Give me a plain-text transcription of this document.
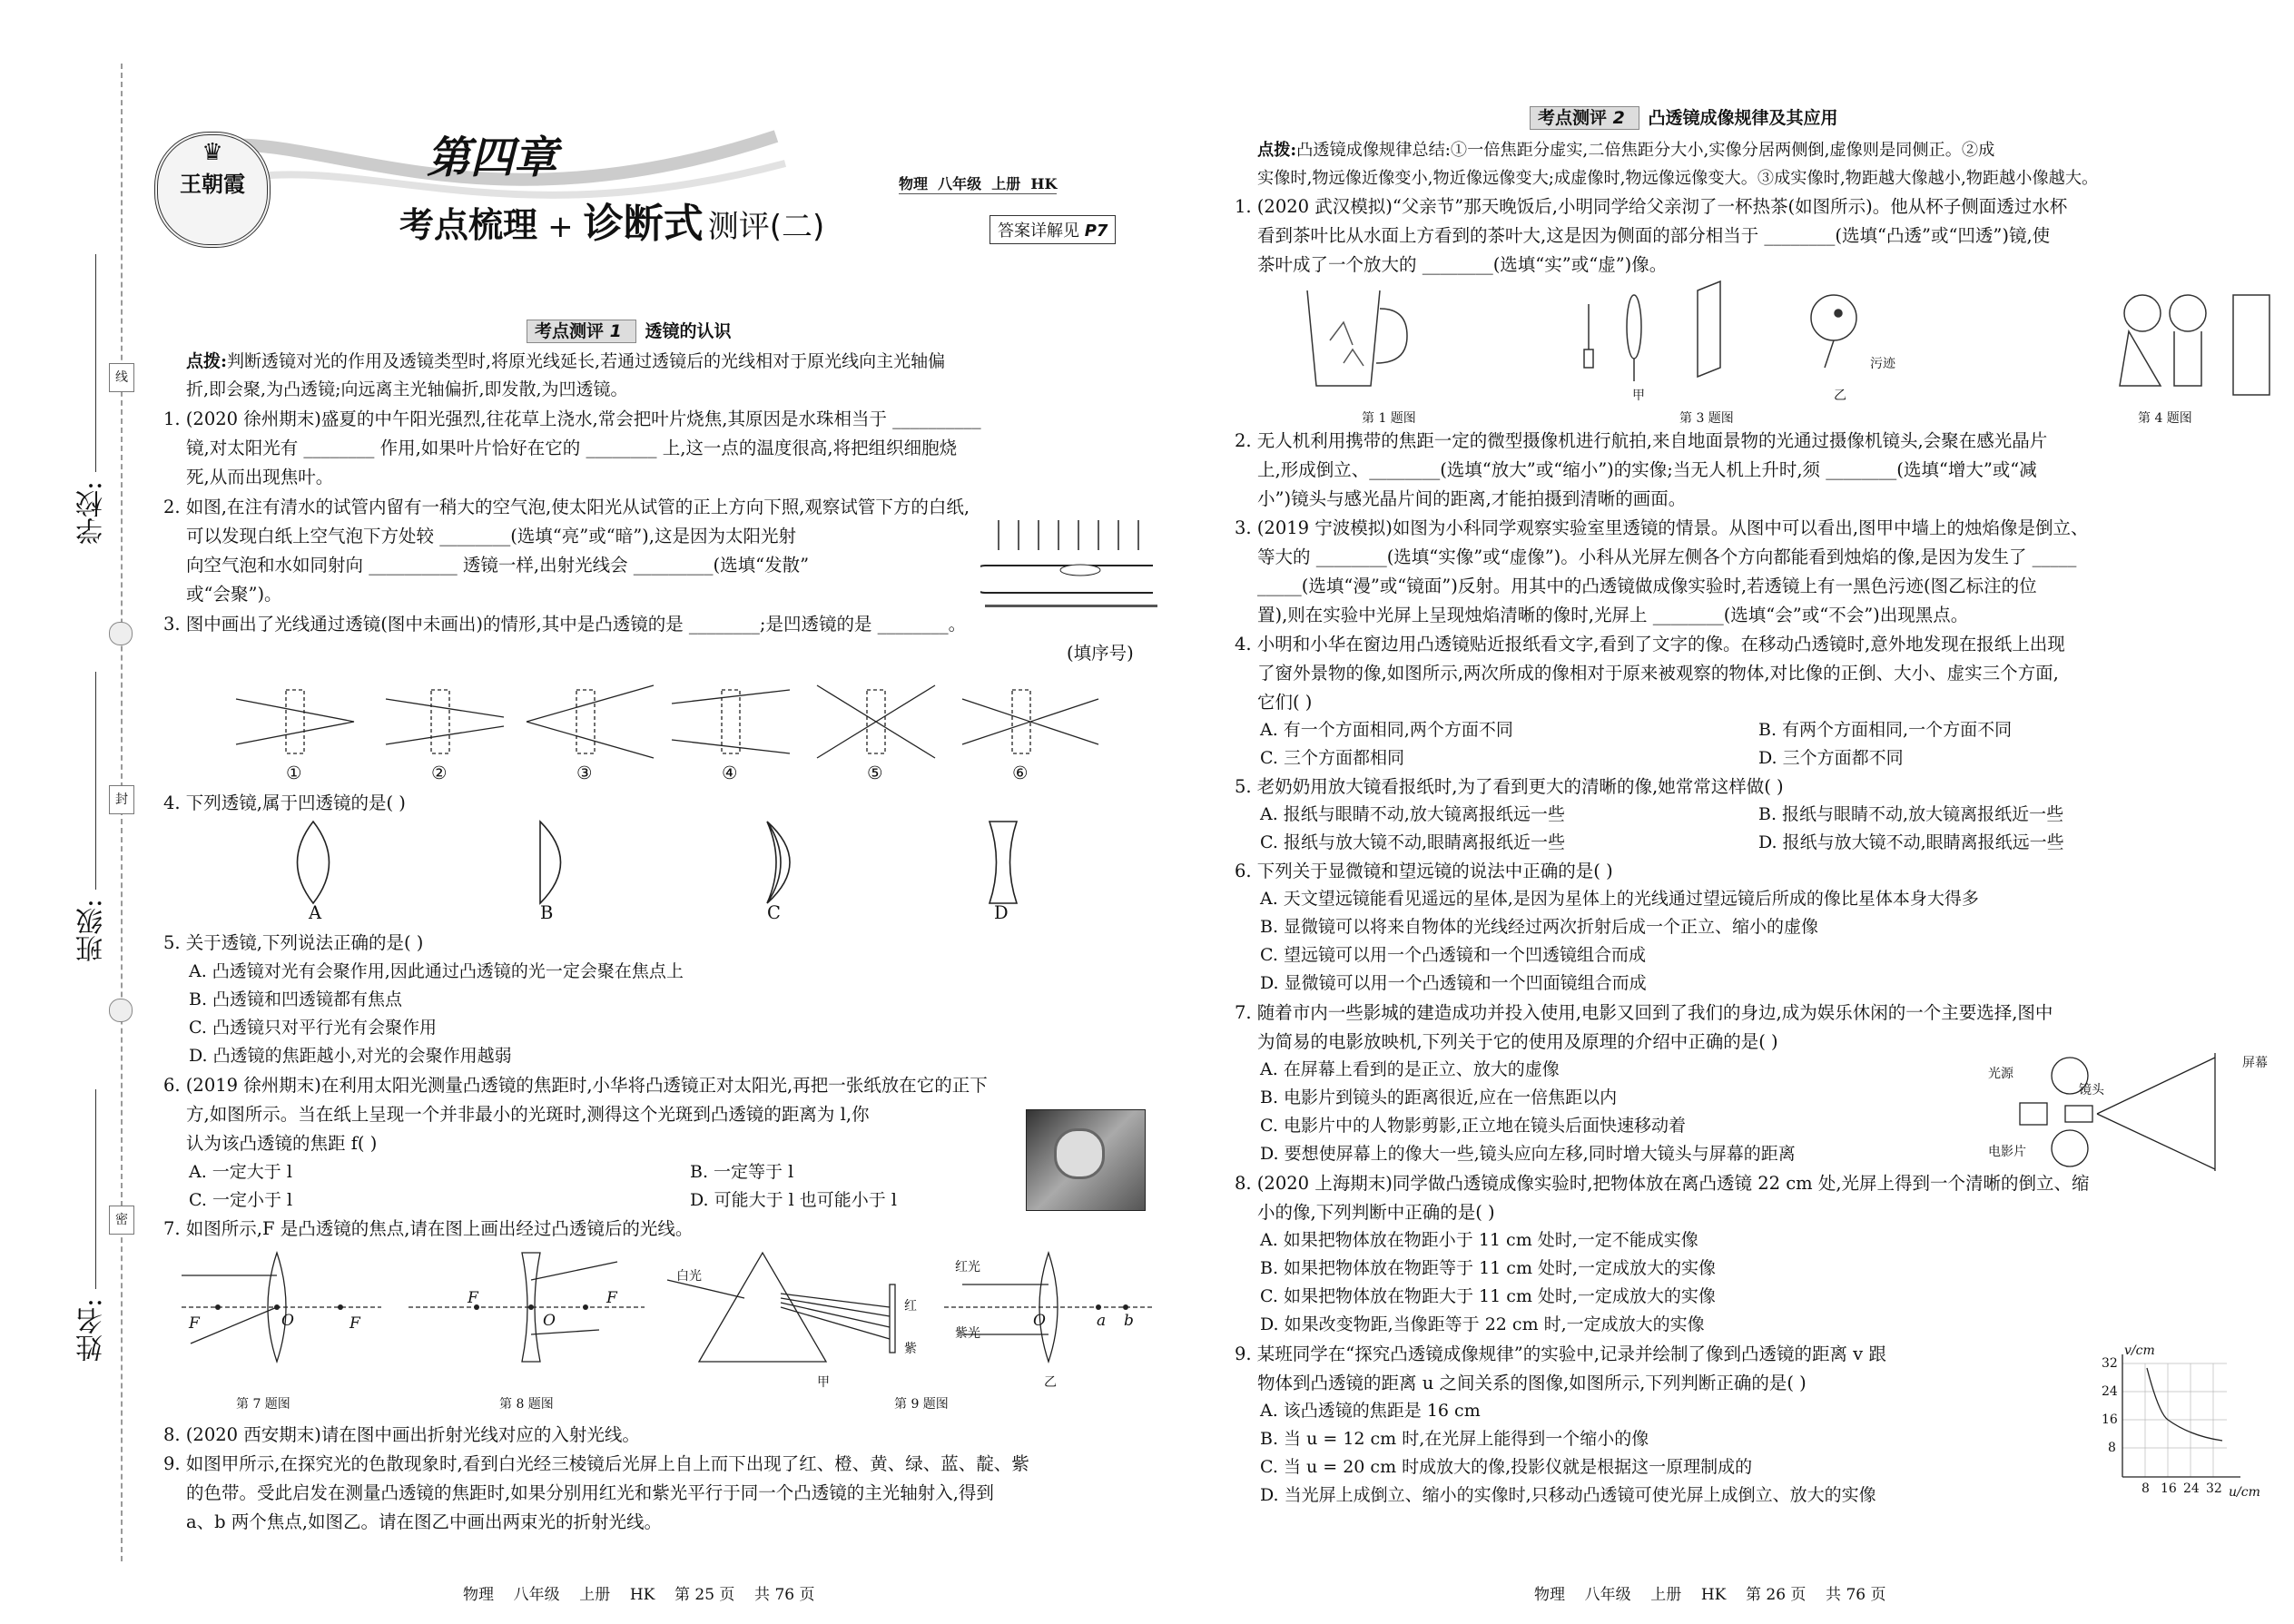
线
封
密
学校:
班级:
姓名:
♛
王朝霞
第四章
考点梳理 + 诊断式 测评(二)
物理  八年级  上册  HK
答案详解见 P7
考点测评 1 透镜的认识
点拨:判断透镜对光的作用及透镜类型时,将原光线延长,若通过透镜后的光线相对于原光线向主光轴偏
折,即会聚,为凸透镜;向远离主光轴偏折,即发散,为凹透镜。
1. (2020 徐州期末)盛夏的中午阳光强烈,往花草上浇水,常会把叶片烧焦,其原因是水珠相当于 __________
镜,对太阳光有 ________ 作用,如果叶片恰好在它的 ________ 上,这一点的温度很高,将把组织细胞烧
死,从而出现焦叶。
2. 如图,在注有清水的试管内留有一稍大的空气泡,使太阳光从试管的正上方向下照,观察试管下方的白纸,
可以发现白纸上空气泡下方处较 ________(选填“亮”或“暗”),这是因为太阳光射
向空气泡和水如同射向 __________ 透镜一样,出射光线会 _________(选填“发散”
或“会聚”)。
3. 图中画出了光线通过透镜(图中未画出)的情形,其中是凸透镜的是 ________;是凹透镜的是 ________。
(填序号)
①	②	③	④	⑤	⑥
4. 下列透镜,属于凹透镜的是( )
A	B	C	D
5. 关于透镜,下列说法正确的是( )
A. 凸透镜对光有会聚作用,因此通过凸透镜的光一定会聚在焦点上
B. 凸透镜和凹透镜都有焦点
C. 凸透镜只对平行光有会聚作用
D. 凸透镜的焦距越小,对光的会聚作用越弱
6. (2019 徐州期末)在利用太阳光测量凸透镜的焦距时,小华将凸透镜正对太阳光,再把一张纸放在它的正下
方,如图所示。当在纸上呈现一个并非最小的光斑时,测得这个光斑到凸透镜的距离为 l,你
认为该凸透镜的焦距 f( )
A. 一定大于 l	B. 一定等于 l
C. 一定小于 l	D. 可能大于 l 也可能小于 l
7. 如图所示,F 是凸透镜的焦点,请在图上画出经过凸透镜后的光线。
F	O	F
F
O
F
白光
红
紫
甲
红光
紫光
O	a b
乙
第 7 题图	第 8 题图	第 9 题图
8. (2020 西安期末)请在图中画出折射光线对应的入射光线。
9. 如图甲所示,在探究光的色散现象时,看到白光经三棱镜后光屏上自上而下出现了红、橙、黄、绿、蓝、靛、紫
的色带。受此启发在测量凸透镜的焦距时,如果分别用红光和紫光平行于同一个凸透镜的主光轴射入,得到
a、b 两个焦点,如图乙。请在图乙中画出两束光的折射光线。
物理    八年级    上册    HK    第 25 页    共 76 页
考点测评 2 凸透镜成像规律及其应用
点拨:凸透镜成像规律总结:①一倍焦距分虚实,二倍焦距分大小,实像分居两侧倒,虚像则是同侧正。②成
实像时,物远像近像变小,物近像远像变大;成虚像时,物远像远像变大。③成实像时,物距越大像越小,物距越小像越大。
1. (2020 武汉模拟)“父亲节”那天晚饭后,小明同学给父亲沏了一杯热茶(如图所示)。他从杯子侧面透过水杯
看到茶叶比从水面上方看到的茶叶大,这是因为侧面的部分相当于 ________(选填“凸透”或“凹透”)镜,使
茶叶成了一个放大的 ________(选填“实”或“虚”)像。
甲	乙
污迹
第 1 题图	第 3 题图	第 4 题图
2. 无人机利用携带的焦距一定的微型摄像机进行航拍,来自地面景物的光通过摄像机镜头,会聚在感光晶片
上,形成倒立、________(选填“放大”或“缩小”)的实像;当无人机上升时,须 ________(选填“增大”或“减
小”)镜头与感光晶片间的距离,才能拍摄到清晰的画面。
3. (2019 宁波模拟)如图为小科同学观察实验室里透镜的情景。从图中可以看出,图甲中墙上的烛焰像是倒立、
等大的 ________(选填“实像”或“虚像”)。小科从光屏左侧各个方向都能看到烛焰的像,是因为发生了 _____
_____(选填“漫”或“镜面”)反射。用其中的凸透镜做成像实验时,若透镜上有一黑色污迹(图乙标注的位
置),则在实验中光屏上呈现烛焰清晰的像时,光屏上 ________(选填“会”或“不会”)出现黑点。
4. 小明和小华在窗边用凸透镜贴近报纸看文字,看到了文字的像。在移动凸透镜时,意外地发现在报纸上出现
了窗外景物的像,如图所示,两次所成的像相对于原来被观察的物体,对比像的正倒、大小、虚实三个方面,
它们( )
A. 有一个方面相同,两个方面不同	B. 有两个方面相同,一个方面不同
C. 三个方面都相同	D. 三个方面都不同
5. 老奶奶用放大镜看报纸时,为了看到更大的清晰的像,她常常这样做( )
A. 报纸与眼睛不动,放大镜离报纸远一些	B. 报纸与眼睛不动,放大镜离报纸近一些
C. 报纸与放大镜不动,眼睛离报纸近一些	D. 报纸与放大镜不动,眼睛离报纸远一些
6. 下列关于显微镜和望远镜的说法中正确的是( )
A. 天文望远镜能看见遥远的星体,是因为星体上的光线通过望远镜后所成的像比星体本身大得多
B. 显微镜可以将来自物体的光线经过两次折射后成一个正立、缩小的虚像
C. 望远镜可以用一个凸透镜和一个凹透镜组合而成
D. 显微镜可以用一个凸透镜和一个凹面镜组合而成
7. 随着市内一些影城的建造成功并投入使用,电影又回到了我们的身边,成为娱乐休闲的一个主要选择,图中
为简易的电影放映机,下列关于它的使用及原理的介绍中正确的是( )
A. 在屏幕上看到的是正立、放大的虚像
B. 电影片到镜头的距离很近,应在一倍焦距以内
C. 电影片中的人物影剪影,正立地在镜头后面快速移动着
D. 要想使屏幕上的像大一些,镜头应向左移,同时增大镜头与屏幕的距离
屏幕
光源
镜头
电影片
8. (2020 上海期末)同学做凸透镜成像实验时,把物体放在离凸透镜 22 cm 处,光屏上得到一个清晰的倒立、缩
小的像,下列判断中正确的是( )
A. 如果把物体放在物距小于 11 cm 处时,一定不能成实像
B. 如果把物体放在物距等于 11 cm 处时,一定成放大的实像
C. 如果把物体放在物距大于 11 cm 处时,一定成放大的实像
D. 如果改变物距,当像距等于 22 cm 时,一定成放大的实像
9. 某班同学在“探究凸透镜成像规律”的实验中,记录并绘制了像到凸透镜的距离 v 跟
物体到凸透镜的距离 u 之间关系的图像,如图所示,下列判断正确的是( )
A. 该凸透镜的焦距是 16 cm
B. 当 u = 12 cm 时,在光屏上能得到一个缩小的像
C. 当 u = 20 cm 时成放大的像,投影仪就是根据这一原理制成的
D. 当光屏上成倒立、缩小的实像时,只移动凸透镜可使光屏上成倒立、放大的实像
v/cm
32
24
16
8
8 16 24 32 u/cm
物理    八年级    上册    HK    第 26 页    共 76 页
